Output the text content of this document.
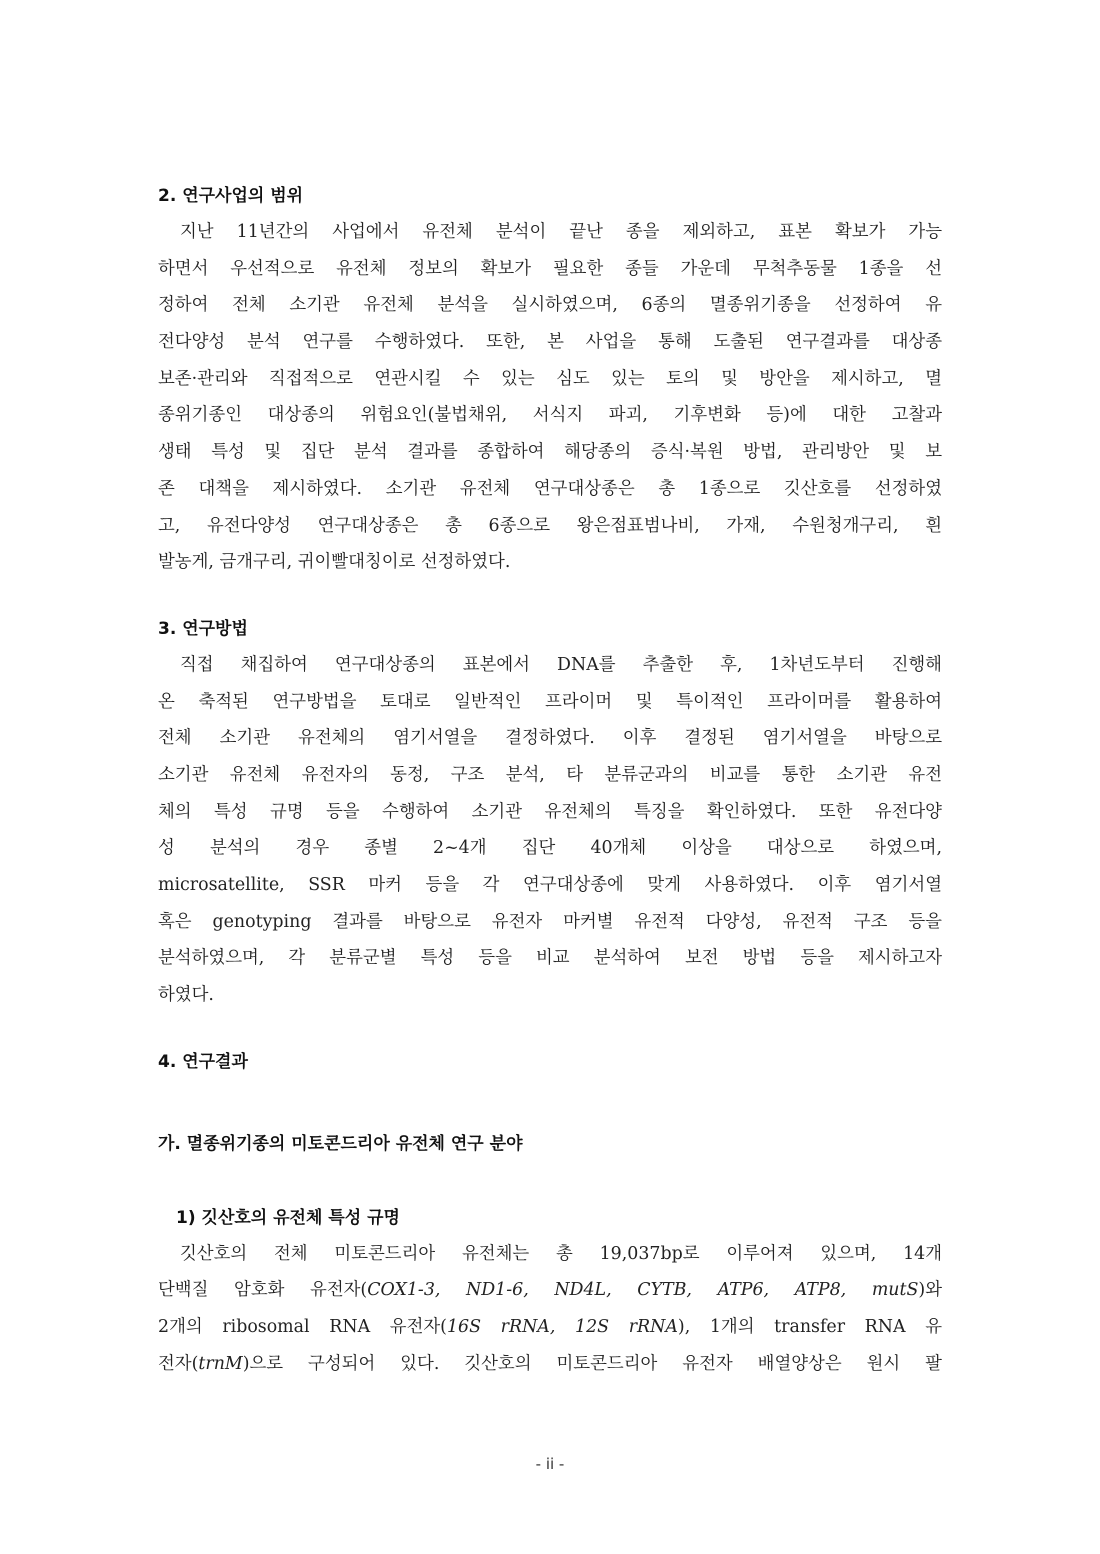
2. 연구사업의 범위
지난 11년간의 사업에서 유전체 분석이 끝난 종을 제외하고, 표본 확보가 가능
하면서 우선적으로 유전체 정보의 확보가 필요한 종들 가운데 무척추동물 1종을 선
정하여 전체 소기관 유전체 분석을 실시하였으며, 6종의 멸종위기종을 선정하여 유
전다양성 분석 연구를 수행하였다. 또한, 본 사업을 통해 도출된 연구결과를 대상종
보존·관리와 직접적으로 연관시킬 수 있는 심도 있는 토의 및 방안을 제시하고, 멸
종위기종인 대상종의 위험요인(불법채위, 서식지 파괴, 기후변화 등)에 대한 고찰과
생태 특성 및 집단 분석 결과를 종합하여 해당종의 증식·복원 방법, 관리방안 및 보
존 대책을 제시하였다. 소기관 유전체 연구대상종은 총 1종으로 깃산호를 선정하였
고, 유전다양성 연구대상종은 총 6종으로 왕은점표범나비, 가재, 수원청개구리, 흰
발농게, 금개구리, 귀이빨대칭이로 선정하였다.
3. 연구방법
직접 채집하여 연구대상종의 표본에서 DNA를 추출한 후, 1차년도부터 진행해
온 축적된 연구방법을 토대로 일반적인 프라이머 및 특이적인 프라이머를 활용하여
전체 소기관 유전체의 염기서열을 결정하였다. 이후 결정된 염기서열을 바탕으로
소기관 유전체 유전자의 동정, 구조 분석, 타 분류군과의 비교를 통한 소기관 유전
체의 특성 규명 등을 수행하여 소기관 유전체의 특징을 확인하였다. 또한 유전다양
성 분석의 경우 종별 2~4개 집단 40개체 이상을 대상으로 하였으며,
microsatellite, SSR 마커 등을 각 연구대상종에 맞게 사용하였다. 이후 염기서열
혹은 genotyping 결과를 바탕으로 유전자 마커별 유전적 다양성, 유전적 구조 등을
분석하였으며, 각 분류군별 특성 등을 비교 분석하여 보전 방법 등을 제시하고자
하였다.
4. 연구결과
가. 멸종위기종의 미토콘드리아 유전체 연구 분야
1) 깃산호의 유전체 특성 규명
깃산호의 전체 미토콘드리아 유전체는 총 19,037bp로 이루어져 있으며, 14개
단백질 암호화 유전자(COX1-3, ND1-6, ND4L, CYTB, ATP6, ATP8, mutS)와
2개의 ribosomal RNA 유전자(16S rRNA, 12S rRNA), 1개의 transfer RNA 유
전자(trnM)으로 구성되어 있다. 깃산호의 미토콘드리아 유전자 배열양상은 원시 팔
- ii -
